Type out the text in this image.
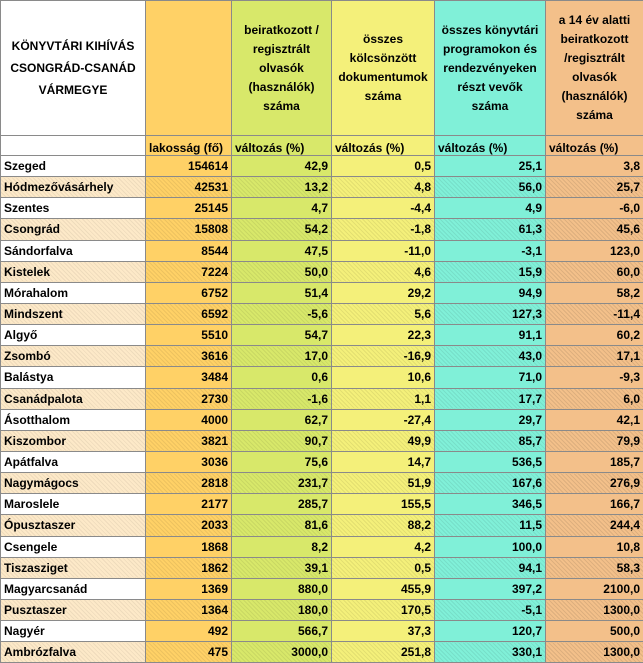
KÖNYVTÁRI KIHÍVÁS CSONGRÁD-CSANÁD VÁRMEGYE		beiratkozott / regisztrált olvasók (használók) száma	összes kölcsönzött dokumentumok száma	összes könyvtári programokon és rendezvényeken részt vevők száma	a 14 év alatti beiratkozott /regisztrált olvasók (használók) száma
	lakosság (fő)	változás (%)	változás (%)	változás (%)	változás (%)
Szeged	154614	42,9	0,5	25,1	3,8
Hódmezővásárhely	42531	13,2	4,8	56,0	25,7
Szentes	25145	4,7	-4,4	4,9	-6,0
Csongrád	15808	54,2	-1,8	61,3	45,6
Sándorfalva	8544	47,5	-11,0	-3,1	123,0
Kistelek	7224	50,0	4,6	15,9	60,0
Mórahalom	6752	51,4	29,2	94,9	58,2
Mindszent	6592	-5,6	5,6	127,3	-11,4
Algyő	5510	54,7	22,3	91,1	60,2
Zsombó	3616	17,0	-16,9	43,0	17,1
Balástya	3484	0,6	10,6	71,0	-9,3
Csanádpalota	2730	-1,6	1,1	17,7	6,0
Ásotthalom	4000	62,7	-27,4	29,7	42,1
Kiszombor	3821	90,7	49,9	85,7	79,9
Apátfalva	3036	75,6	14,7	536,5	185,7
Nagymágocs	2818	231,7	51,9	167,6	276,9
Maroslele	2177	285,7	155,5	346,5	166,7
Ópusztaszer	2033	81,6	88,2	11,5	244,4
Csengele	1868	8,2	4,2	100,0	10,8
Tiszasziget	1862	39,1	0,5	94,1	58,3
Magyarcsanád	1369	880,0	455,9	397,2	2100,0
Pusztaszer	1364	180,0	170,5	-5,1	1300,0
Nagyér	492	566,7	37,3	120,7	500,0
Ambrózfalva	475	3000,0	251,8	330,1	1300,0
